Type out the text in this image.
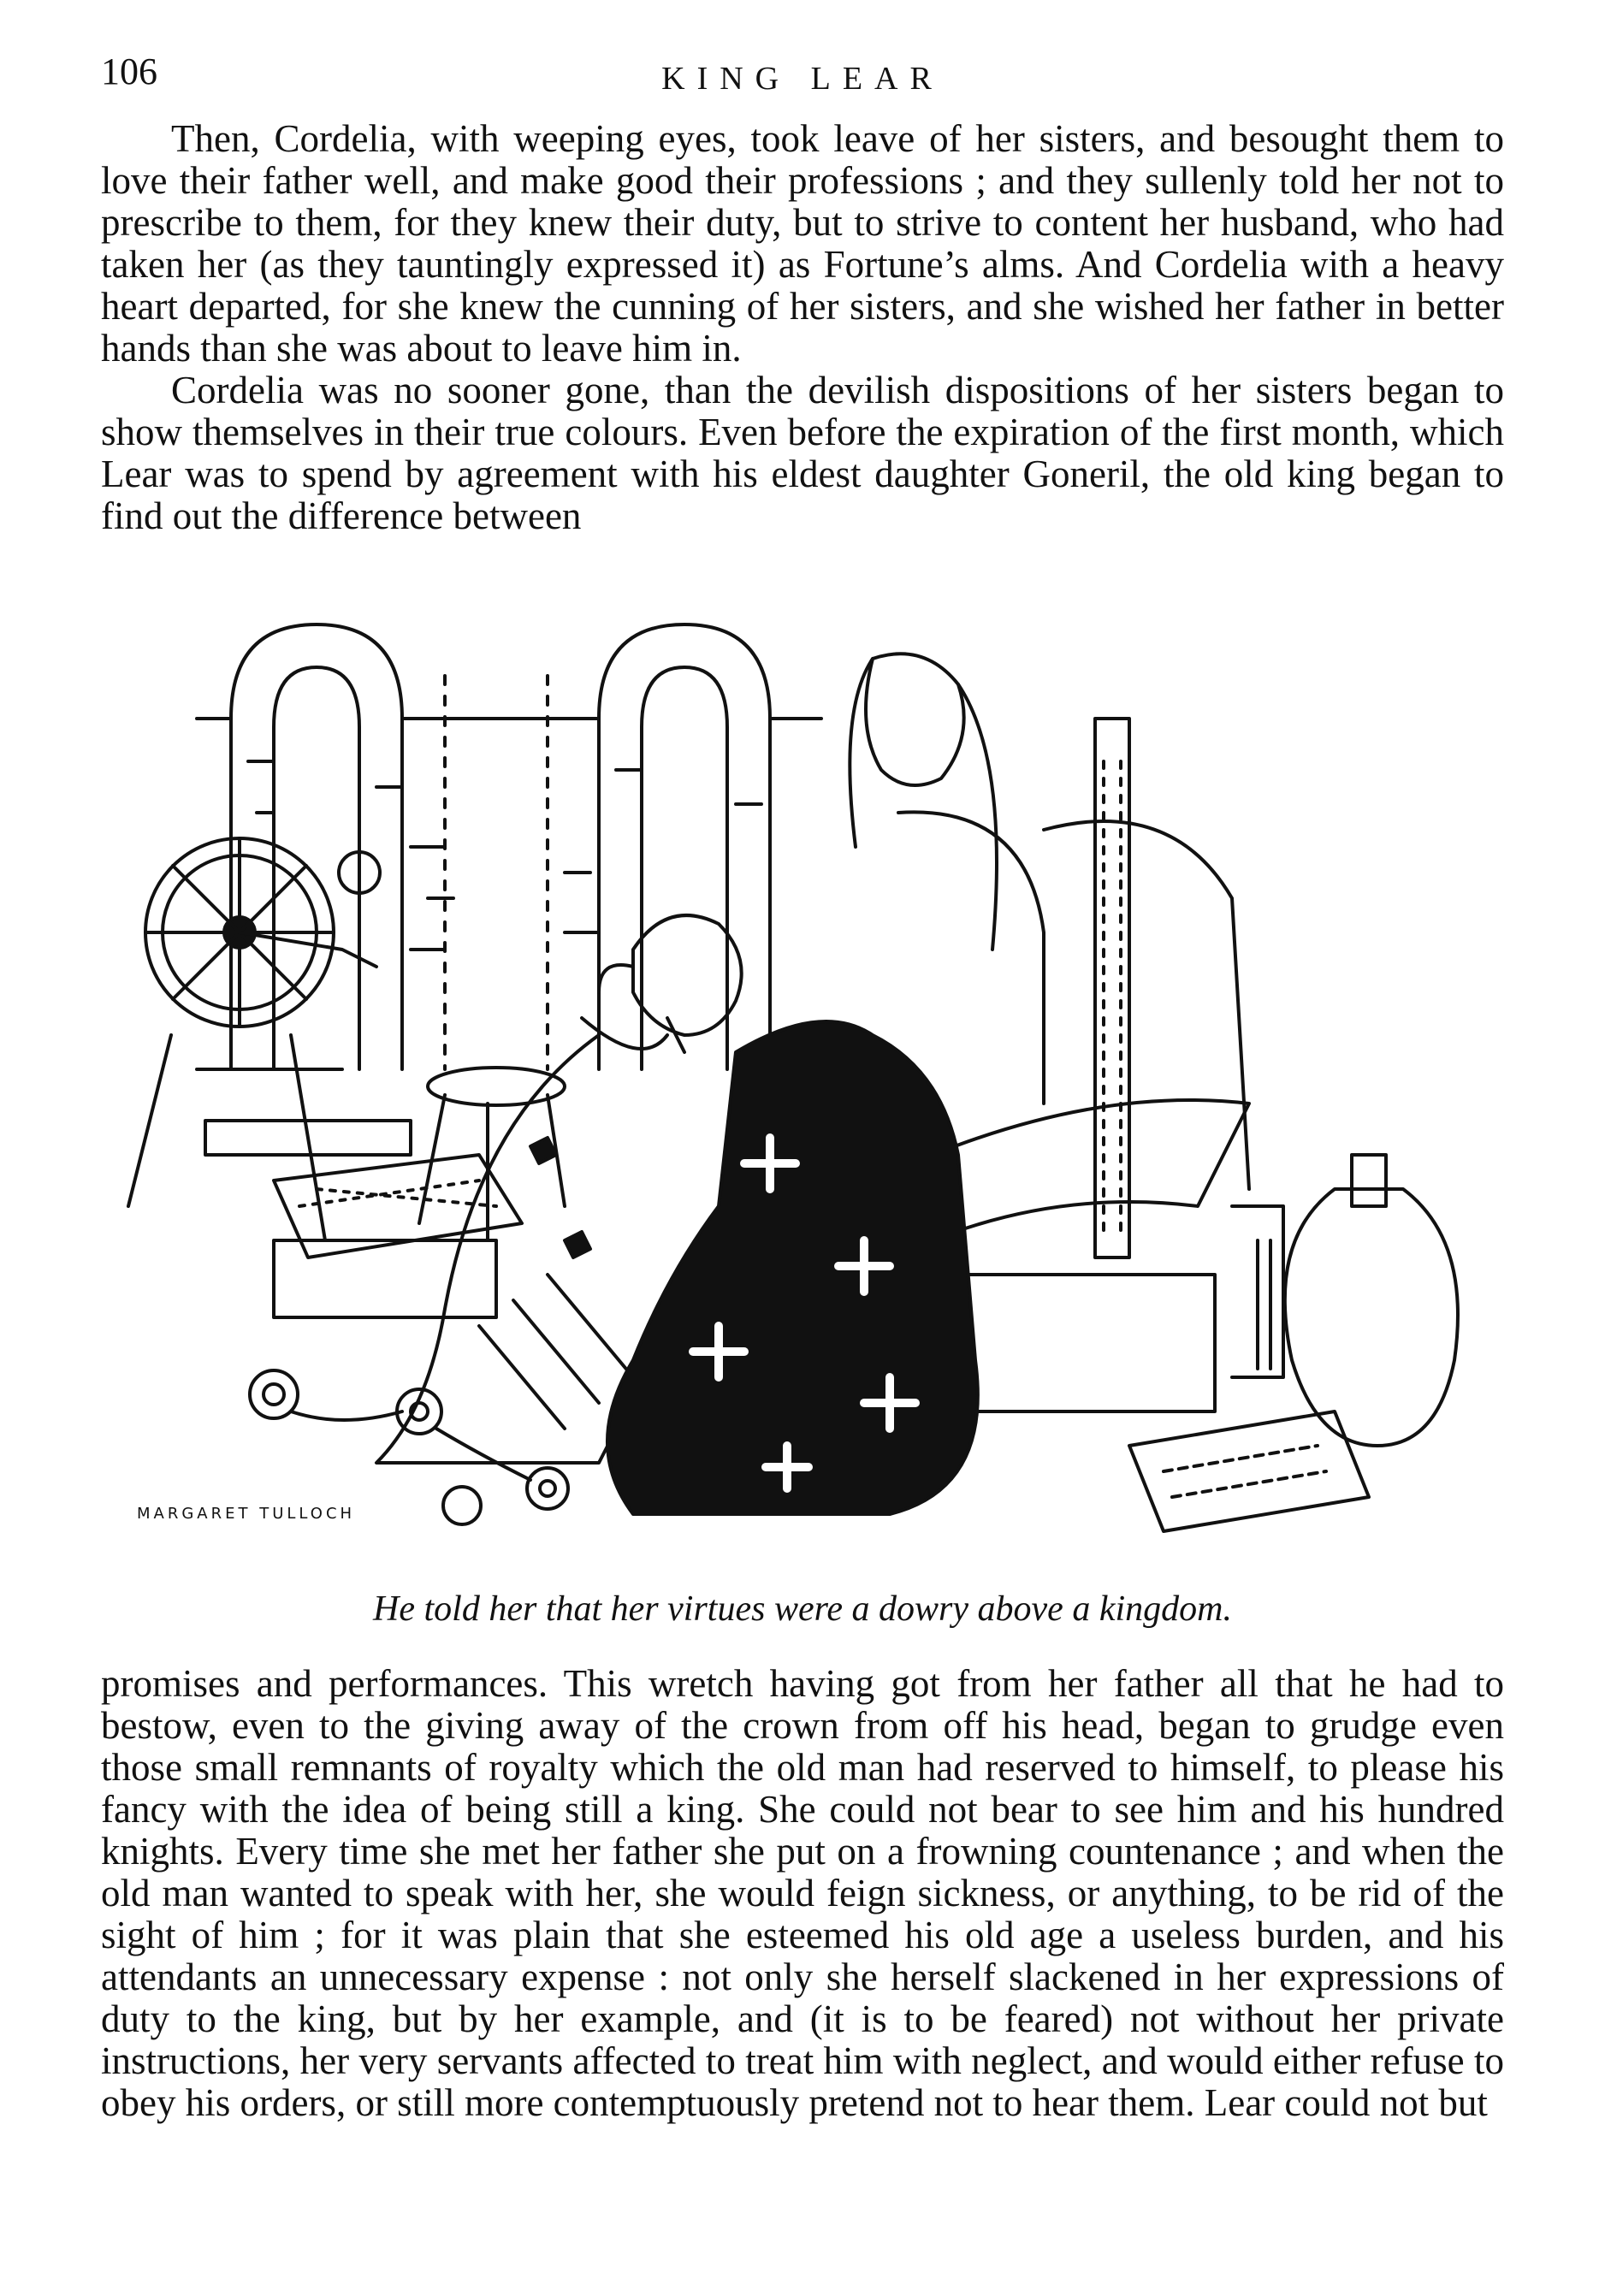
106	KING LEAR

Then, Cordelia, with weeping eyes, took leave of her sisters, and besought them to love their father well, and make good their professions ; and they sullenly told her not to prescribe to them, for they knew their duty, but to strive to content her husband, who had taken her (as they tauntingly expressed it) as Fortune’s alms. And Cordelia with a heavy heart departed, for she knew the cunning of her sisters, and she wished her father in better hands than she was about to leave him in.

Cordelia was no sooner gone, than the devilish dispositions of her sisters began to show themselves in their true colours. Even before the expiration of the first month, which Lear was to spend by agreement with his eldest daughter Goneril, the old king began to find out the difference between

MARGARET TULLOCH
He told her that her virtues were a dowry above a kingdom.

promises and performances. This wretch having got from her father all that he had to bestow, even to the giving away of the crown from off his head, began to grudge even those small remnants of royalty which the old man had reserved to himself, to please his fancy with the idea of being still a king. She could not bear to see him and his hundred knights. Every time she met her father she put on a frowning countenance ; and when the old man wanted to speak with her, she would feign sickness, or anything, to be rid of the sight of him ; for it was plain that she esteemed his old age a useless burden, and his attendants an unnecessary expense : not only she herself slackened in her expressions of duty to the king, but by her example, and (it is to be feared) not without her private instructions, her very servants affected to treat him with neglect, and would either refuse to obey his orders, or still more contemptuously pretend not to hear them. Lear could not but
